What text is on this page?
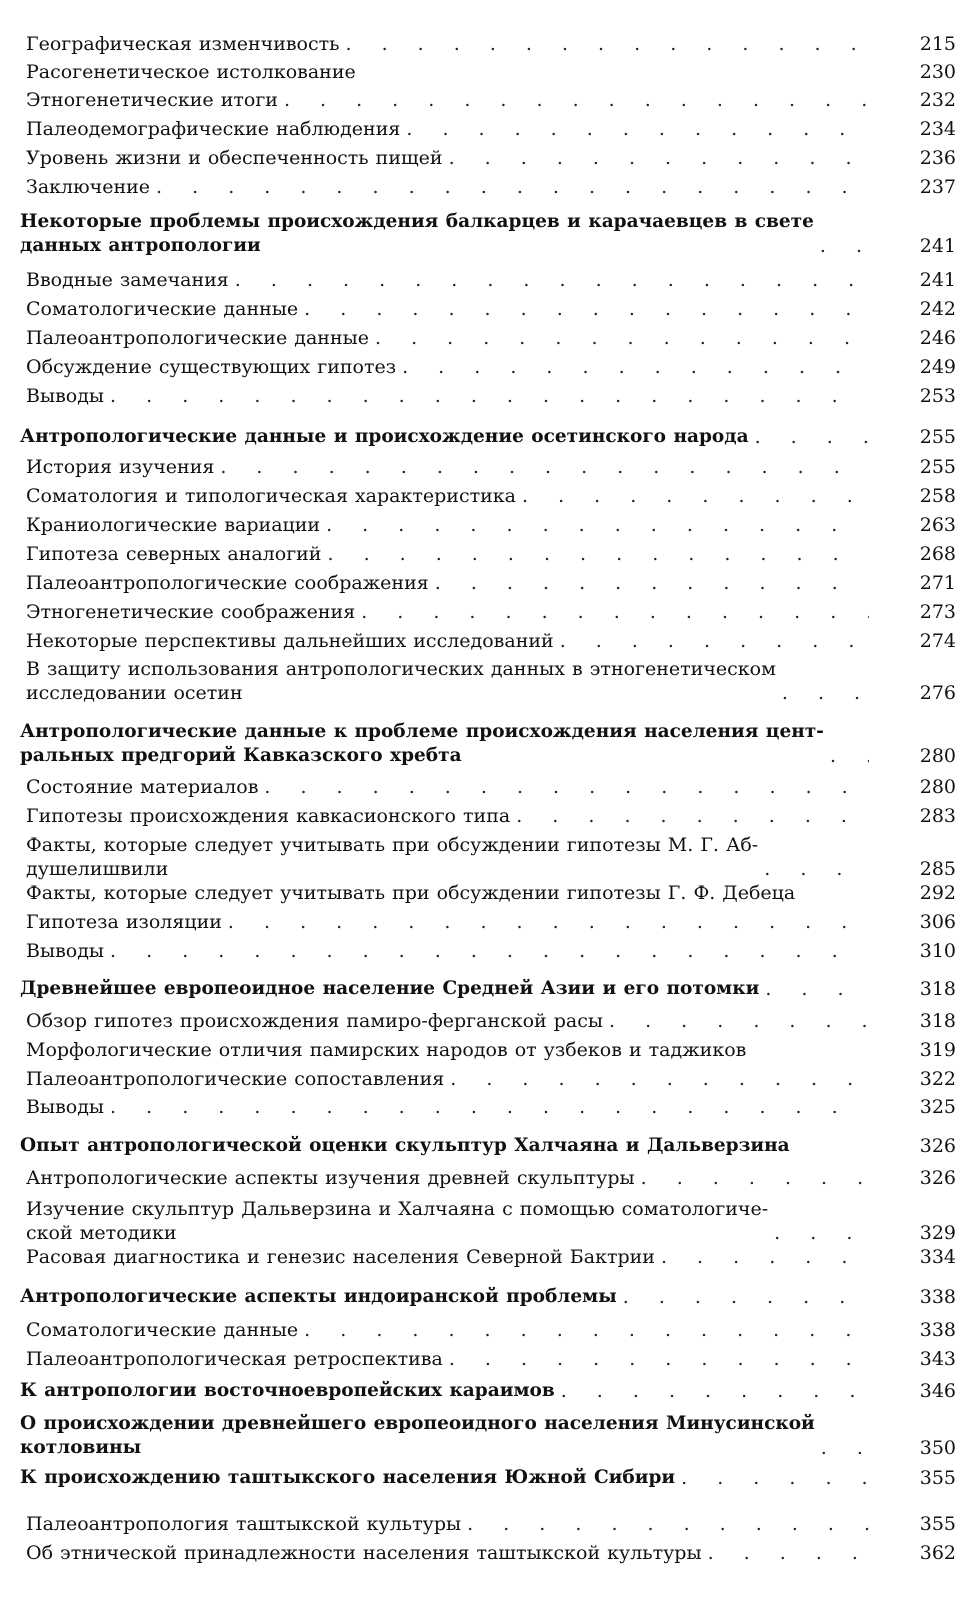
Географическая изменчивость . . .	215
Расогенетическое истолкование	230
Этногенетические итоги . . .	232
Палеодемографические наблюдения . . .	234
Уровень жизни и обеспеченность пищей . . .	236
Заключение . . .	237
Некоторые проблемы происхождения балкарцев и карачаевцев в свете
данных антропологии . . .	241
Вводные замечания . . .	241
Соматологические данные . . .	242
Палеоантропологические данные . . .	246
Обсуждение существующих гипотез . . .	249
Выводы . . .	253
Антропологические данные и происхождение осетинского народа . . .	255
История изучения . . .	255
Соматология и типологическая характеристика . . .	258
Краниологические вариации . . .	263
Гипотеза северных аналогий . . .	268
Палеоантропологические соображения . . .	271
Этногенетические соображения . . .	273
Некоторые перспективы дальнейших исследований . . .	274
В защиту использования антропологических данных в этногенетическом
исследовании осетин . . .	276
Антропологические данные к проблеме происхождения населения цент-
ральных предгорий Кавказского хребта . . .	280
Состояние материалов . . .	280
Гипотезы происхождения кавкасионского типа . . .	283
Факты, которые следует учитывать при обсуждении гипотезы М. Г. Аб-
душелишвили . . .	285
Факты, которые следует учитывать при обсуждении гипотезы Г. Ф. Дебеца	292
Гипотеза изоляции . . .	306
Выводы . . .	310
Древнейшее европеоидное население Средней Азии и его потомки . . .	318
Обзор гипотез происхождения памиро-ферганской расы . . .	318
Морфологические отличия памирских народов от узбеков и таджиков	319
Палеоантропологические сопоставления . . .	322
Выводы . . .	325
Опыт антропологической оценки скульптур Халчаяна и Дальверзина	326
Антропологические аспекты изучения древней скульптуры . . .	326
Изучение скульптур Дальверзина и Халчаяна с помощью соматологиче-
ской методики . . .	329
Расовая диагностика и генезис населения Северной Бактрии . . .	334
Антропологические аспекты индоиранской проблемы . . .	338
Соматологические данные . . .	338
Палеоантропологическая ретроспектива . . .	343
К антропологии восточноевропейских караимов . . .	346
О происхождении древнейшего европеоидного населения Минусинской
котловины . . .	350
К происхождению таштыкского населения Южной Сибири . . .	355
Палеоантропология таштыкской культуры . . .	355
Об этнической принадлежности населения таштыкской культуры . . .	362
